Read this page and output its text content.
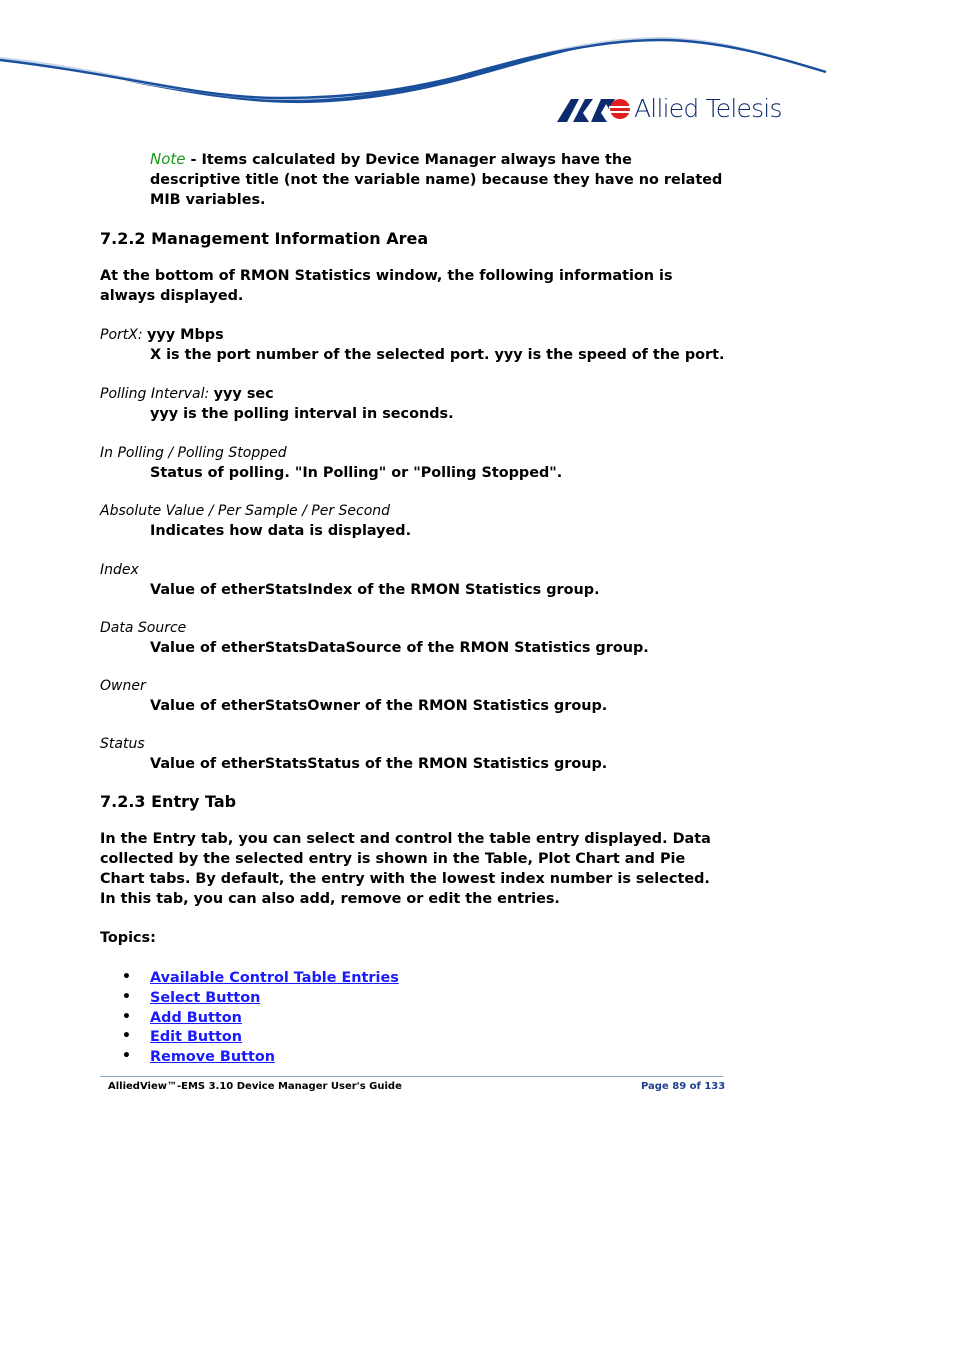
Allied Telesis

Note - Items calculated by Device Manager always have the descriptive title (not the variable name) because they have no related MIB variables.

7.2.2 Management Information Area

At the bottom of RMON Statistics window, the following information is always displayed.

PortX: yyy Mbps
X is the port number of the selected port. yyy is the speed of the port.
Polling Interval: yyy sec
yyy is the polling interval in seconds.
In Polling / Polling Stopped
Status of polling. "In Polling" or "Polling Stopped".
Absolute Value / Per Sample / Per Second
Indicates how data is displayed.
Index
Value of etherStatsIndex of the RMON Statistics group.
Data Source
Value of etherStatsDataSource of the RMON Statistics group.
Owner
Value of etherStatsOwner of the RMON Statistics group.
Status
Value of etherStatsStatus of the RMON Statistics group.
7.2.3 Entry Tab

In the Entry tab, you can select and control the table entry displayed. Data collected by the selected entry is shown in the Table, Plot Chart and Pie Chart tabs. By default, the entry with the lowest index number is selected. In this tab, you can also add, remove or edit the entries.

Topics:

• Available Control Table Entries
• Select Button
• Add Button
• Edit Button
• Remove Button
AlliedView™-EMS 3.10 Device Manager User's Guide	Page 89 of 133
